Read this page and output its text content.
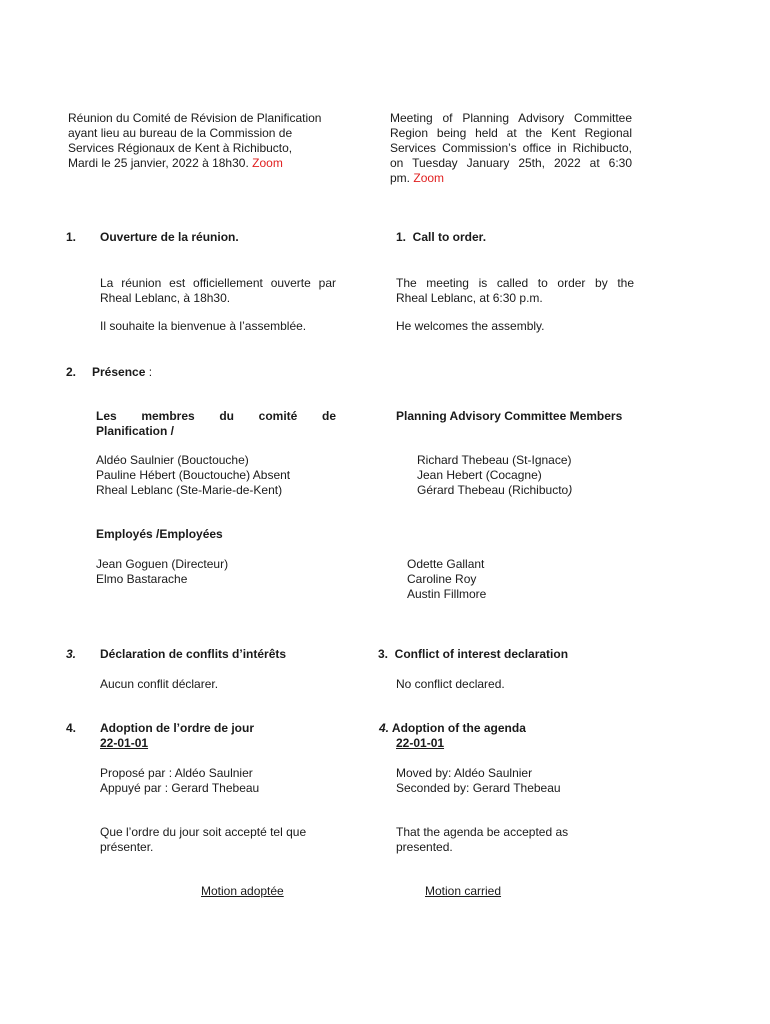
Réunion du Comité de Révision de Planification
ayant lieu au bureau de la Commission de
Services Régionaux de Kent à Richibucto,
Mardi le 25 janvier, 2022 à 18h30. Zoom
Meeting of Planning Advisory Committee
Region being held at the Kent Regional
Services Commission’s office in Richibucto,
on Tuesday January 25th, 2022 at 6:30
pm. Zoom
1. Ouverture de la réunion.	1.  Call to order.
La réunion est officiellement ouverte par
Rheal Leblanc, à 18h30.
The meeting is called to order by the
Rheal Leblanc, at 6:30 p.m.
Il souhaite la bienvenue à l’assemblée.	He welcomes the assembly.
2. Présence :
Les membres du comité de
Planification /
Planning Advisory Committee Members
Aldéo Saulnier (Bouctouche)
Pauline Hébert (Bouctouche) Absent
Rheal Leblanc (Ste-Marie-de-Kent)
Richard Thebeau (St-Ignace)
Jean Hebert (Cocagne)
Gérard Thebeau (Richibucto)
Employés /Employées
Jean Goguen (Directeur)
Elmo Bastarache
Odette Gallant
Caroline Roy
Austin Fillmore
3. Déclaration de conflits d’intérêts	3.  Conflict of interest declaration
Aucun conflit déclarer.	No conflict declared.
4. Adoption de l’ordre de jour
22-01-01
4. Adoption of the agenda
22-01-01
Proposé par : Aldéo Saulnier
Appuyé par : Gerard Thebeau
Moved by: Aldéo Saulnier
Seconded by: Gerard Thebeau
Que l’ordre du jour soit accepté tel que
présenter.
That the agenda be accepted as
presented.
Motion adoptée	Motion carried
